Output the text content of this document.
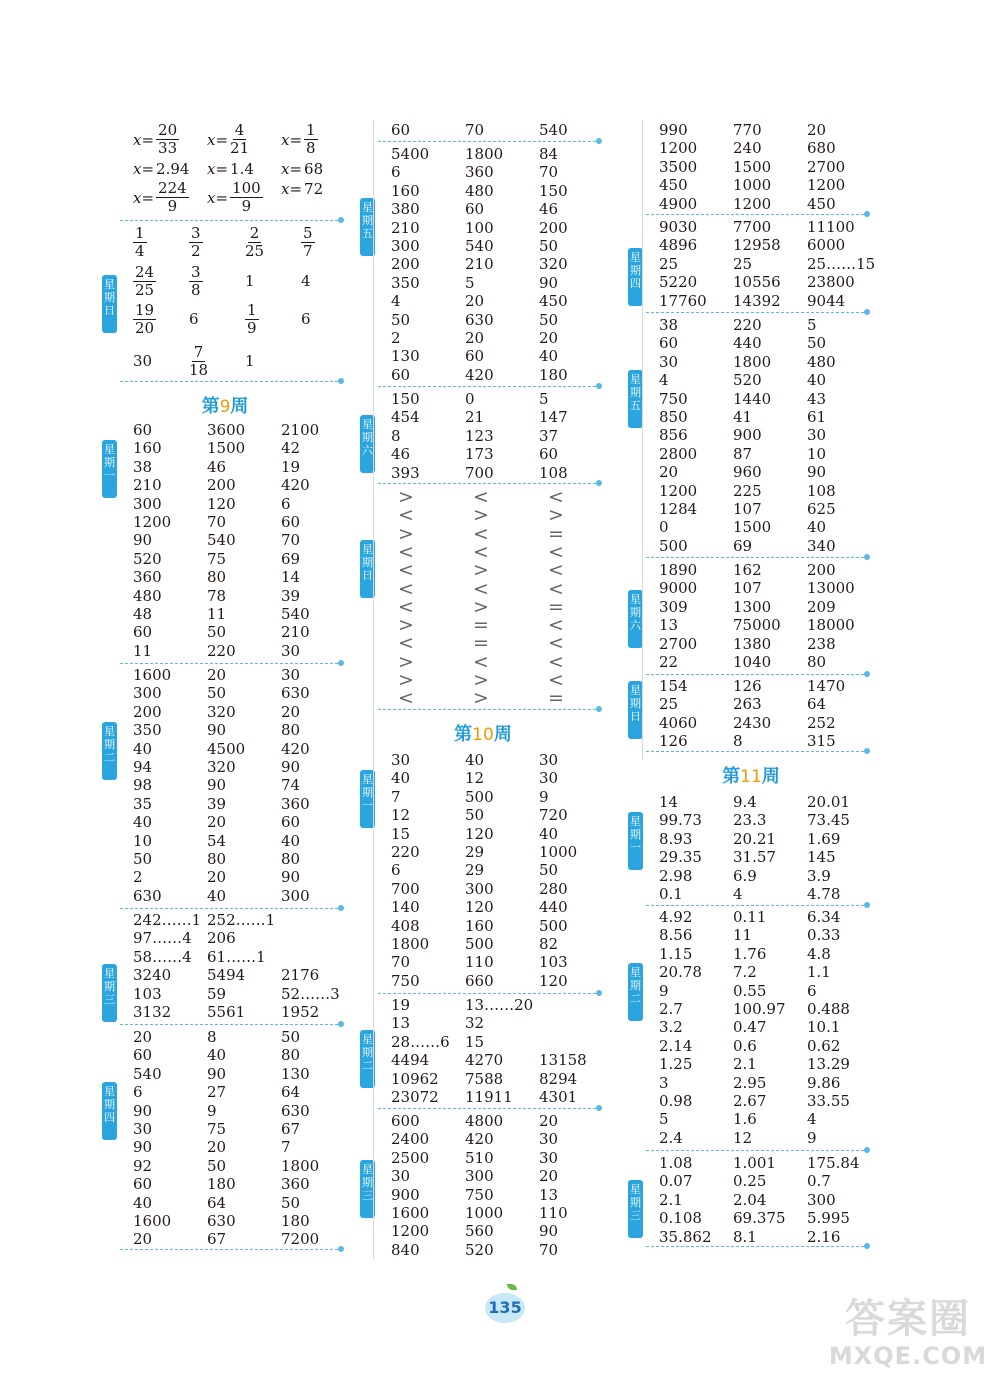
$x= \frac{20}{33} x= \frac{4}{21} x= \frac{1}{8}$
x= 2.94 x= 1.4 x= 68
$x= \frac{224}{9} x= \frac{100}{9} x= 72$
星期日
$\frac{1}{4}$	$\frac{3}{2}$	$\frac{2}{25} \frac{5}{7}$
$\frac{24}{25} \frac{3}{8}$	1	4
$\frac{19}{20} 6$	$\frac{1}{9}$	6
$30 \frac{7}{18} 1$
第9周
星期一
60	3600 2100
160	1500 42
38	46	19
210	200	420
300	120	6
1200 70	60
90	540	70
520	75	69
360	80	14
480	78	39
48	11	540
60	50	210
11	220	30
星期二
1600 20	30
300	50	630
200	320	20
350	90	80
40	4500 420
94	320	90
98	90	74
35	39	360
40	20	60
10	54	40
50	80	80
2	20	90
630	40	300
星期三
242……1 252……1
97……4 206
58……4 61……1
3240 5494 2176
103	59	52……3
3132 5561 1952
星期四
20	8	50
60	40	80
540	90	130
6	27	64
90	9	630
30	75	67
90	20	7
92	50	1800
60	180	360
40	64	50
1600 630	180
20	67	7200
60	70	540
星期五
5400 1800 84
6	360	70
160	480	150
380	60	46
210	100	200
300	540	50
200	210	320
350	5	90
4	20	450
50	630	50
2	20	20
130	60	40
60	420	180
星期六
150	0	5
454	21	147
8	123	37
46	173	60
393	700	108
星期日
>	<	<
<	>	>
>	<	=
<	<	<
<	>	<
<	<	<
<	>	=
>	=	<
<	=	<
>	<	<
>	>	<
<	>	=
第10周
星期一
30	40	30
40	12	30
7	500	9
12	50	720
15	120	40
220	29	1000
6	29	50
700	300	280
140	120	440
408	160	500
1800 500	82
70	110	103
750	660	120
星期二
19	13……20
13	32
28……6 15
4494 4270 13158
10962 7588 8294
23072 11911 4301
星期三
600	4800 20
2400 420	30
2500 510	30
30	300	20
900	750	13
1600 1000 110
1200 560	90
840	520	70
990	770	20
1200 240	680
3500 1500 2700
450	1000 1200
4900 1200 450
星期四
9030 7700 11100
4896 12958 6000
25	25	25……15
5220 10556 23800
17760 14392 9044
星期五
38	220	5
60	440	50
30	1800 480
4	520	40
750	1440 43
850	41	61
856	900	30
2800 87	10
20	960	90
1200 225	108
1284 107	625
0	1500 40
500	69	340
星期六
1890 162	200
9000 107	13000
309	1300 209
13	75000 18000
2700 1380 238
22	1040 80
星期日
154	126	1470
25	263	64
4060 2430 252
126	8	315
第11周
星期一
14	9.4	20.01
99.73 23.3	73.45
8.93	20.21 1.69
29.35 31.57 145
2.98	6.9	3.9
0.1	4	4.78
星期二
4.92	0.11	6.34
8.56	11	0.33
1.15	1.76	4.8
20.78 7.2	1.1
9	0.55	6
2.7	100.97 0.488
3.2	0.47	10.1
2.14	0.6	0.62
1.25	2.1	13.29
3	2.95	9.86
0.98	2.67	33.55
5	1.6	4
2.4	12	9
星期三
1.08	1.001 175.84
0.07	0.25	0.7
2.1	2.04	300
0.108 69.375 5.995
35.862 8.1	2.16
135	答案圈
MXQE.COM
